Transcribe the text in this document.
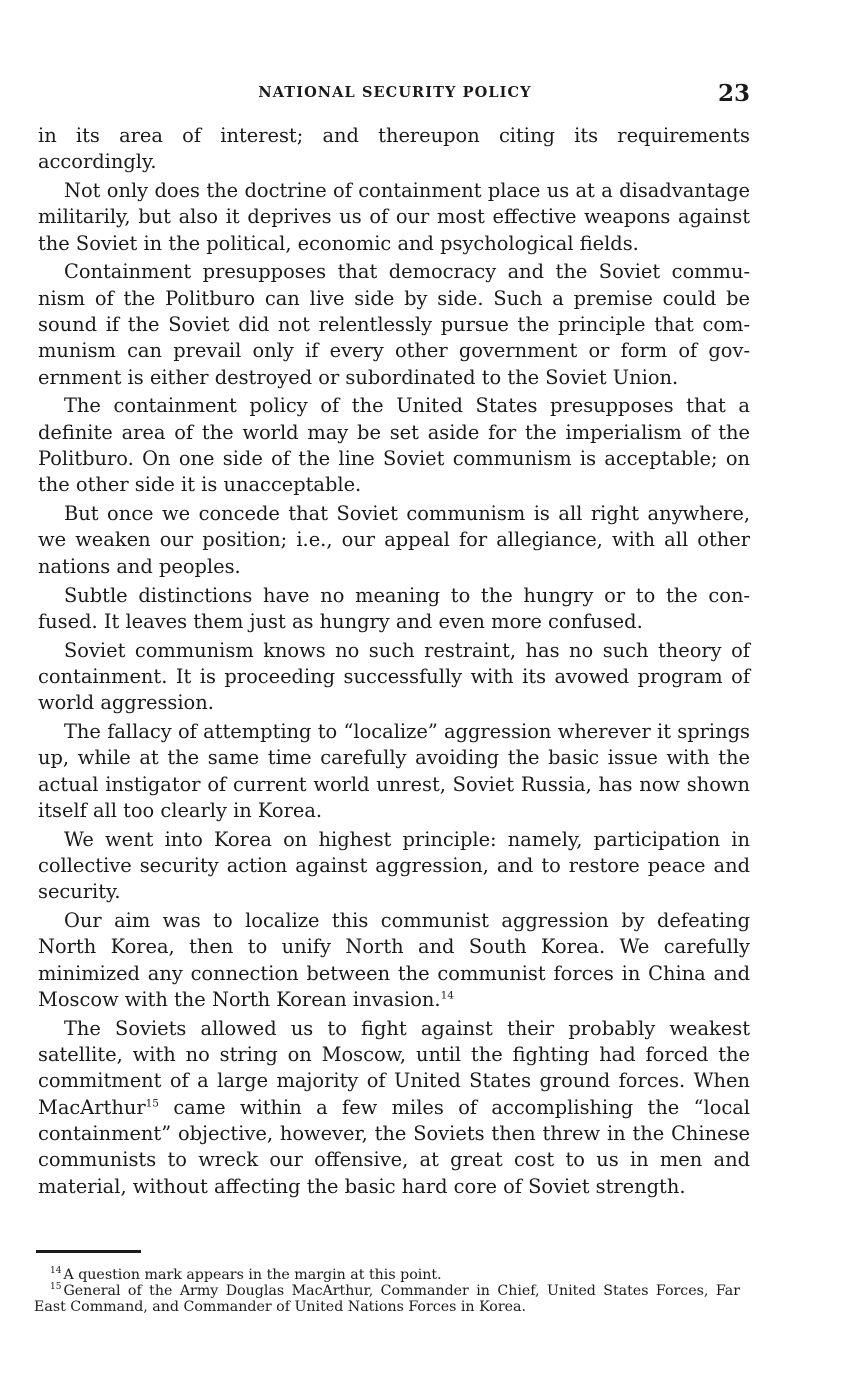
NATIONAL SECURITY POLICY	23

in its area of interest; and thereupon citing its requirements accordingly.

Not only does the doctrine of containment place us at a disadvantage militarily, but also it deprives us of our most effective weapons against the Soviet in the political, economic and psychological fields.

Containment presupposes that democracy and the Soviet communism of the Politburo can live side by side. Such a premise could be sound if the Soviet did not relentlessly pursue the principle that communism can prevail only if every other government or form of government is either destroyed or subordinated to the Soviet Union.

The containment policy of the United States presupposes that a definite area of the world may be set aside for the imperialism of the Politburo. On one side of the line Soviet communism is acceptable; on the other side it is unacceptable.

But once we concede that Soviet communism is all right anywhere, we weaken our position; i.e., our appeal for allegiance, with all other nations and peoples.

Subtle distinctions have no meaning to the hungry or to the confused. It leaves them just as hungry and even more confused.

Soviet communism knows no such restraint, has no such theory of containment. It is proceeding successfully with its avowed program of world aggression.

The fallacy of attempting to “localize” aggression wherever it springs up, while at the same time carefully avoiding the basic issue with the actual instigator of current world unrest, Soviet Russia, has now shown itself all too clearly in Korea.

We went into Korea on highest principle: namely, participation in collective security action against aggression, and to restore peace and security.

Our aim was to localize this communist aggression by defeating North Korea, then to unify North and South Korea. We carefully minimized any connection between the communist forces in China and Moscow with the North Korean invasion.$^{14}$

The Soviets allowed us to fight against their probably weakest satellite, with no string on Moscow, until the fighting had forced the commitment of a large majority of United States ground forces. When MacArthur$^{15}$ came within a few miles of accomplishing the “local containment” objective, however, the Soviets then threw in the Chinese communists to wreck our offensive, at great cost to us in men and material, without affecting the basic hard core of Soviet strength.

$^{14}$ A question mark appears in the margin at this point.

$^{15}$ General of the Army Douglas MacArthur, Commander in Chief, United States Forces, Far East Command, and Commander of United Nations Forces in Korea.
